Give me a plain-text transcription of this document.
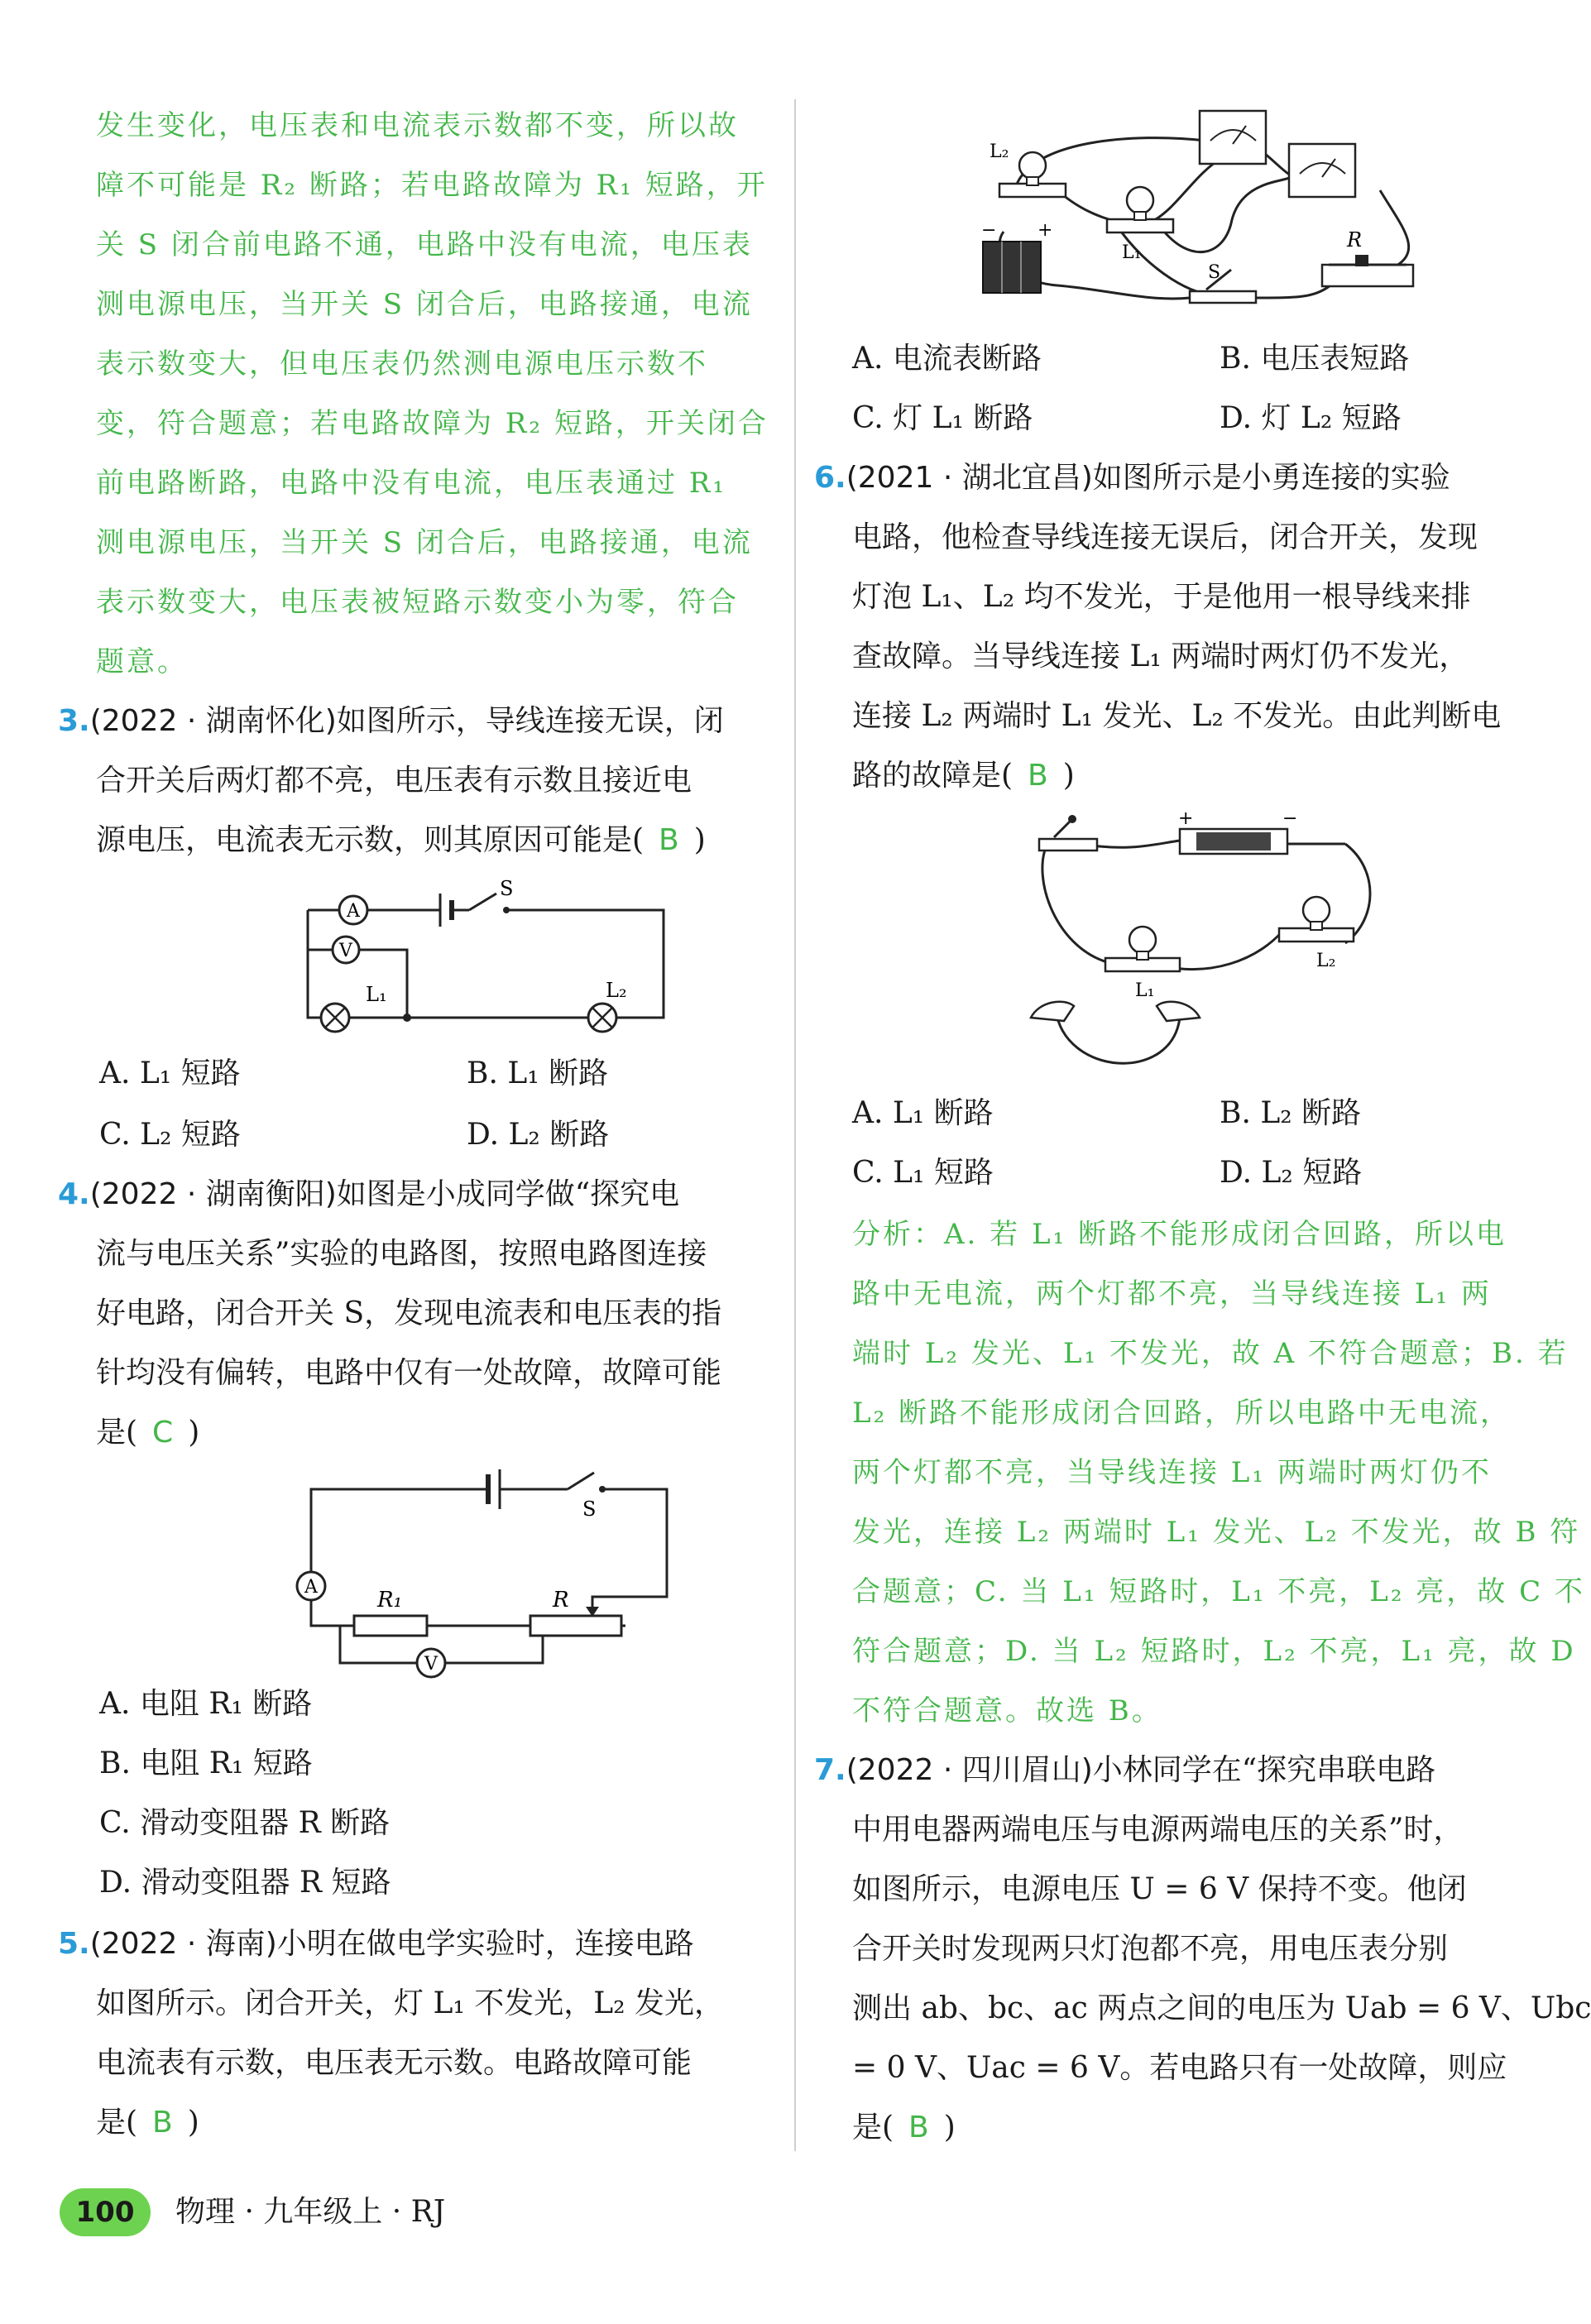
发生变化，电压表和电流表示数都不变，所以故
障不可能是 R₂ 断路；若电路故障为 R₁ 短路，开
关 S 闭合前电路不通，电路中没有电流，电压表
测电源电压，当开关 S 闭合后，电路接通，电流
表示数变大，但电压表仍然测电源电压示数不
变，符合题意；若电路故障为 R₂ 短路，开关闭合
前电路断路，电路中没有电流，电压表通过 R₁
测电源电压，当开关 S 闭合后，电路接通，电流
表示数变大，电压表被短路示数变小为零，符合
题意。
3.(2022 · 湖南怀化)如图所示，导线连接无误，闭
合开关后两灯都不亮，电压表有示数且接近电
源电压，电流表无示数，则其原因可能是( B )
A
V
S
L₁	L₂
A. L₁ 短路	B. L₁ 断路
C. L₂ 短路	D. L₂ 断路
4.(2022 · 湖南衡阳)如图是小成同学做“探究电
流与电压关系”实验的电路图，按照电路图连接
好电路，闭合开关 S，发现电流表和电压表的指
针均没有偏转，电路中仅有一处故障，故障可能
是( C )
A
V
S
R₁	R
A. 电阻 R₁ 断路
B. 电阻 R₁ 短路
C. 滑动变阻器 R 断路
D. 滑动变阻器 R 短路
5.(2022 · 海南)小明在做电学实验时，连接电路
如图所示。闭合开关，灯 L₁ 不发光，L₂ 发光，
电流表有示数，电压表无示数。电路故障可能
是( B )
L₂
L₁
− +
S
R
A. 电流表断路	B. 电压表短路
C. 灯 L₁ 断路	D. 灯 L₂ 短路
6.(2021 · 湖北宜昌)如图所示是小勇连接的实验
电路，他检查导线连接无误后，闭合开关，发现
灯泡 L₁、L₂ 均不发光，于是他用一根导线来排
查故障。当导线连接 L₁ 两端时两灯仍不发光，
连接 L₂ 两端时 L₁ 发光、L₂ 不发光。由此判断电
路的故障是( B )
+	−
L₁
L₂
A. L₁ 断路	B. L₂ 断路
C. L₁ 短路	D. L₂ 短路
分析：A. 若 L₁ 断路不能形成闭合回路，所以电
路中无电流，两个灯都不亮，当导线连接 L₁ 两
端时 L₂ 发光、L₁ 不发光，故 A 不符合题意；B. 若
L₂ 断路不能形成闭合回路，所以电路中无电流，
两个灯都不亮，当导线连接 L₁ 两端时两灯仍不
发光，连接 L₂ 两端时 L₁ 发光、L₂ 不发光，故 B 符
合题意；C. 当 L₁ 短路时，L₁ 不亮，L₂ 亮，故 C 不
符合题意；D. 当 L₂ 短路时，L₂ 不亮，L₁ 亮，故 D
不符合题意。故选 B。
7.(2022 · 四川眉山)小林同学在“探究串联电路
中用电器两端电压与电源两端电压的关系”时，
如图所示，电源电压 U = 6 V 保持不变。他闭
合开关时发现两只灯泡都不亮，用电压表分别
测出 ab、bc、ac 两点之间的电压为 Uab = 6 V、Ubc
= 0 V、Uac = 6 V。若电路只有一处故障，则应
是( B )
100	物理 · 九年级上 · RJ
